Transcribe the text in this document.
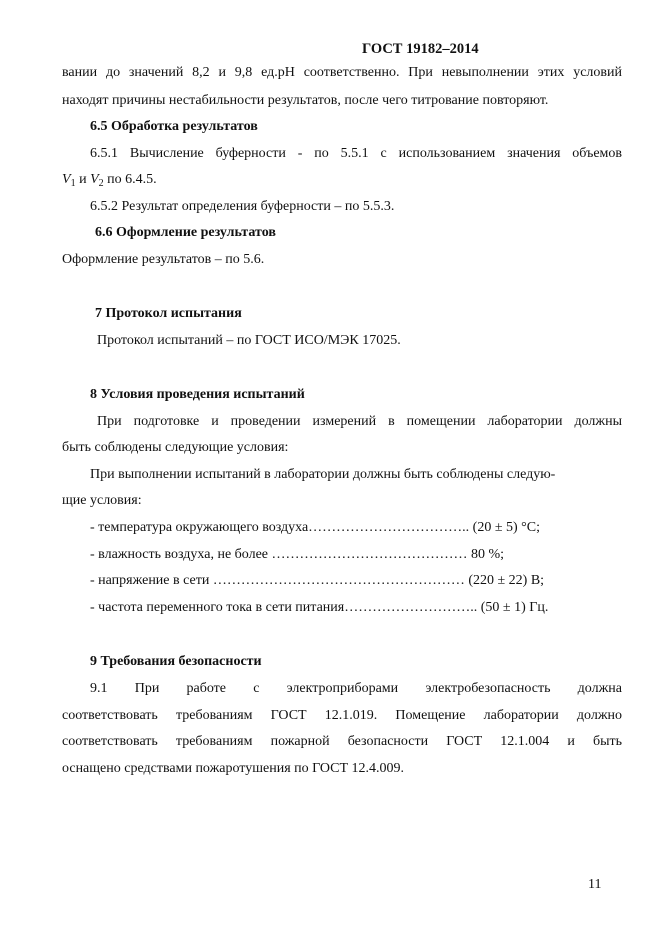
ГОСТ 19182–2014
вании до значений 8,2 и 9,8 ед.рН соответственно. При невыполнении этих условий
находят причины нестабильности результатов, после чего титрование повторяют.
6.5 Обработка результатов
6.5.1 Вычисление буферности - по 5.5.1 с использованием значения объемов
$V_1$ и $V_2$ по 6.4.5.
6.5.2 Результат определения буферности – по 5.5.3.
6.6 Оформление результатов
Оформление результатов – по 5.6.
7 Протокол испытания
Протокол испытаний – по ГОСТ ИСО/МЭК 17025.
8 Условия проведения испытаний
При подготовке и проведении измерений в помещении лаборатории должны
быть соблюдены следующие условия:
При выполнении испытаний в лаборатории должны быть соблюдены следую-
щие условия:
- температура окружающего воздуха…………………………….. (20 ± 5) °С;
- влажность воздуха, не более …………………………………… 80 %;
- напряжение в сети ……………………………………………… (220 ± 22) В;
- частота переменного тока в сети питания……………………….. (50 ± 1) Гц.
9 Требования безопасности
9.1 При работе с электроприборами электробезопасность должна
соответствовать требованиям ГОСТ 12.1.019. Помещение лаборатории должно
соответствовать требованиям пожарной безопасности ГОСТ 12.1.004 и быть
оснащено средствами пожаротушения по ГОСТ 12.4.009.
11
